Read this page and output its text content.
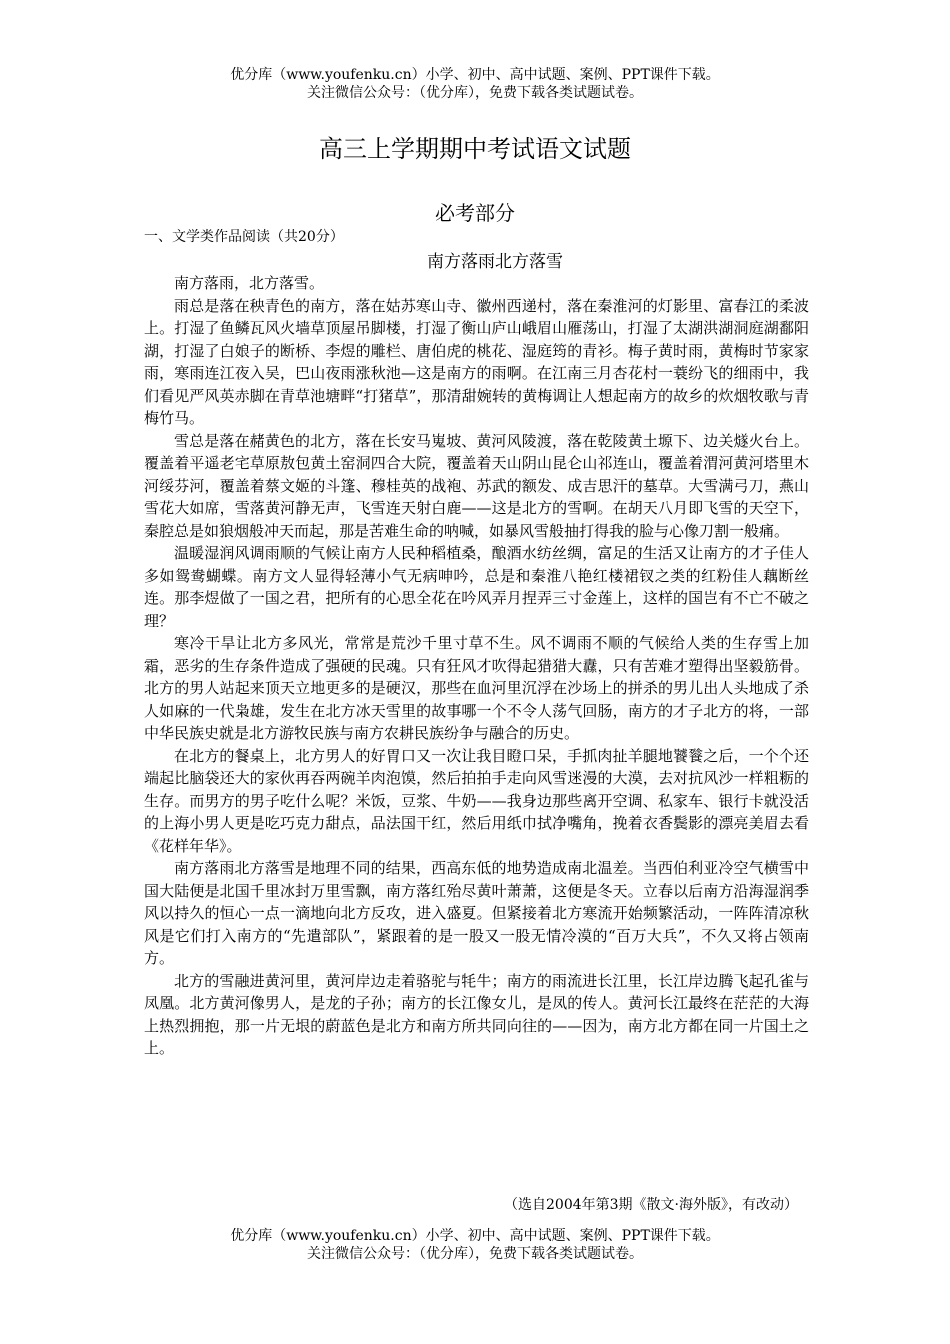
优分库（www.youfenku.cn）小学、初中、高中试题、案例、PPT课件下载。
关注微信公众号：（优分库），免费下载各类试题试卷。
高三上学期期中考试语文试题
必考部分
一、文学类作品阅读（共20分）
南方落雨北方落雪

南方落雨，北方落雪。

雨总是落在秧青色的南方，落在姑苏寒山寺、徽州西递村，落在秦淮河的灯影里、富春江的柔波上。打湿了鱼鳞瓦风火墙草顶屋吊脚楼，打湿了衡山庐山峨眉山雁荡山，打湿了太湖洪湖洞庭湖鄱阳湖，打湿了白娘子的断桥、李煜的雕栏、唐伯虎的桃花、湿庭筠的青衫。梅子黄时雨，黄梅时节家家雨，寒雨连江夜入吴，巴山夜雨涨秋池—这是南方的雨啊。在江南三月杏花村一蓑纷飞的细雨中，我们看见严风英赤脚在青草池塘畔“打猪草”，那清甜婉转的黄梅调让人想起南方的故乡的炊烟牧歌与青梅竹马。

雪总是落在赭黄色的北方，落在长安马嵬坡、黄河风陵渡，落在乾陵黄土塬下、边关燧火台上。覆盖着平遥老宅草原敖包黄土窑洞四合大院，覆盖着天山阴山昆仑山祁连山，覆盖着渭河黄河塔里木河绥芬河，覆盖着蔡文姬的斗篷、穆桂英的战袍、苏武的额发、成吉思汗的墓草。大雪满弓刀，燕山雪花大如席，雪落黄河静无声，飞雪连天射白鹿——这是北方的雪啊。在胡天八月即飞雪的天空下，秦腔总是如狼烟般冲天而起，那是苦难生命的呐喊，如暴风雪般抽打得我的脸与心像刀割一般痛。

温暖湿润风调雨顺的气候让南方人民种稻植桑，酿酒水纺丝绸，富足的生活又让南方的才子佳人多如鸳鸯蝴蝶。南方文人显得轻薄小气无病呻吟，总是和秦淮八艳红楼裙钗之类的红粉佳人藕断丝连。那李煜做了一国之君，把所有的心思全花在吟风弄月捏弄三寸金莲上，这样的国岂有不亡不破之理？

寒冷干旱让北方多风光，常常是荒沙千里寸草不生。风不调雨不顺的气候给人类的生存雪上加霜，恶劣的生存条件造成了强硬的民魂。只有狂风才吹得起猎猎大纛，只有苦难才塑得出坚毅筋骨。北方的男人站起来顶天立地更多的是硬汉，那些在血河里沉浮在沙场上的拼杀的男儿出人头地成了杀人如麻的一代枭雄，发生在北方冰天雪里的故事哪一个不令人荡气回肠，南方的才子北方的将，一部中华民族史就是北方游牧民族与南方农耕民族纷争与融合的历史。

在北方的餐桌上，北方男人的好胃口又一次让我目瞪口呆，手抓肉扯羊腿地饕餮之后，一个个还端起比脑袋还大的家伙再吞两碗羊肉泡馍，然后拍拍手走向风雪迷漫的大漠，去对抗风沙一样粗粝的生存。而男方的男子吃什么呢？米饭，豆浆、牛奶——我身边那些离开空调、私家车、银行卡就没活的上海小男人更是吃巧克力甜点，品法国干红，然后用纸巾拭净嘴角，挽着衣香鬓影的漂亮美眉去看《花样年华》。

南方落雨北方落雪是地理不同的结果，西高东低的地势造成南北温差。当西伯利亚冷空气横雪中国大陆便是北国千里冰封万里雪飘，南方落红殆尽黄叶萧萧，这便是冬天。立春以后南方沿海湿润季风以持久的恒心一点一滴地向北方反攻，进入盛夏。但紧接着北方寒流开始频繁活动，一阵阵清凉秋风是它们打入南方的“先遣部队”，紧跟着的是一股又一股无情冷漠的“百万大兵”，不久又将占领南方。

北方的雪融进黄河里，黄河岸边走着骆驼与牦牛；南方的雨流进长江里，长江岸边腾飞起孔雀与凤凰。北方黄河像男人，是龙的子孙；南方的长江像女儿，是凤的传人。黄河长江最终在茫茫的大海上热烈拥抱，那一片无垠的蔚蓝色是北方和南方所共同向往的——因为，南方北方都在同一片国土之上。

（选自2004年第3期《散文·海外版》，有改动）
优分库（www.youfenku.cn）小学、初中、高中试题、案例、PPT课件下载。
关注微信公众号：（优分库），免费下载各类试题试卷。
